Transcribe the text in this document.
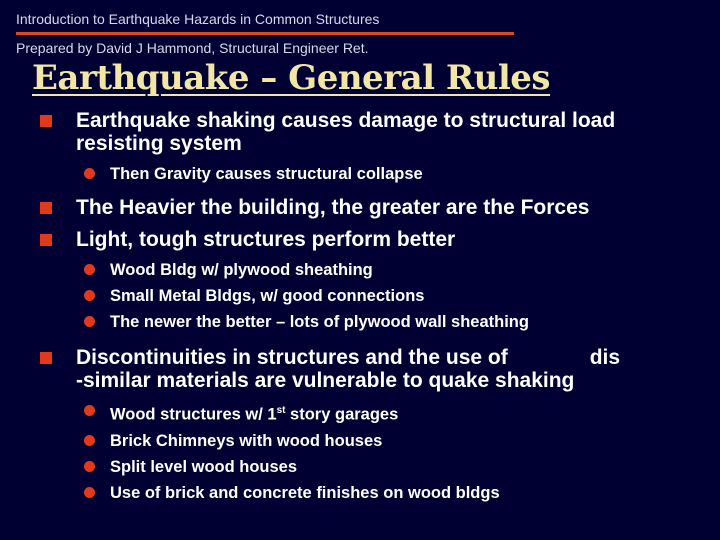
Introduction to Earthquake Hazards in Common Structures
Prepared by David J Hammond, Structural Engineer Ret.
Earthquake – General Rules
Earthquake shaking causes damage to structural load
resisting system
Then Gravity causes structural collapse
The Heavier the building, the greater are the Forces
Light, tough structures perform better
Wood Bldg w/ plywood sheathing
Small Metal Bldgs, w/ good connections
The newer the better – lots of plywood wall sheathing
Discontinuities in structures and the use of	dis
-similar materials are vulnerable to quake shaking
Wood structures w/ 1st story garages
Brick Chimneys with wood houses
Split level wood houses
Use of brick and concrete finishes on wood bldgs
